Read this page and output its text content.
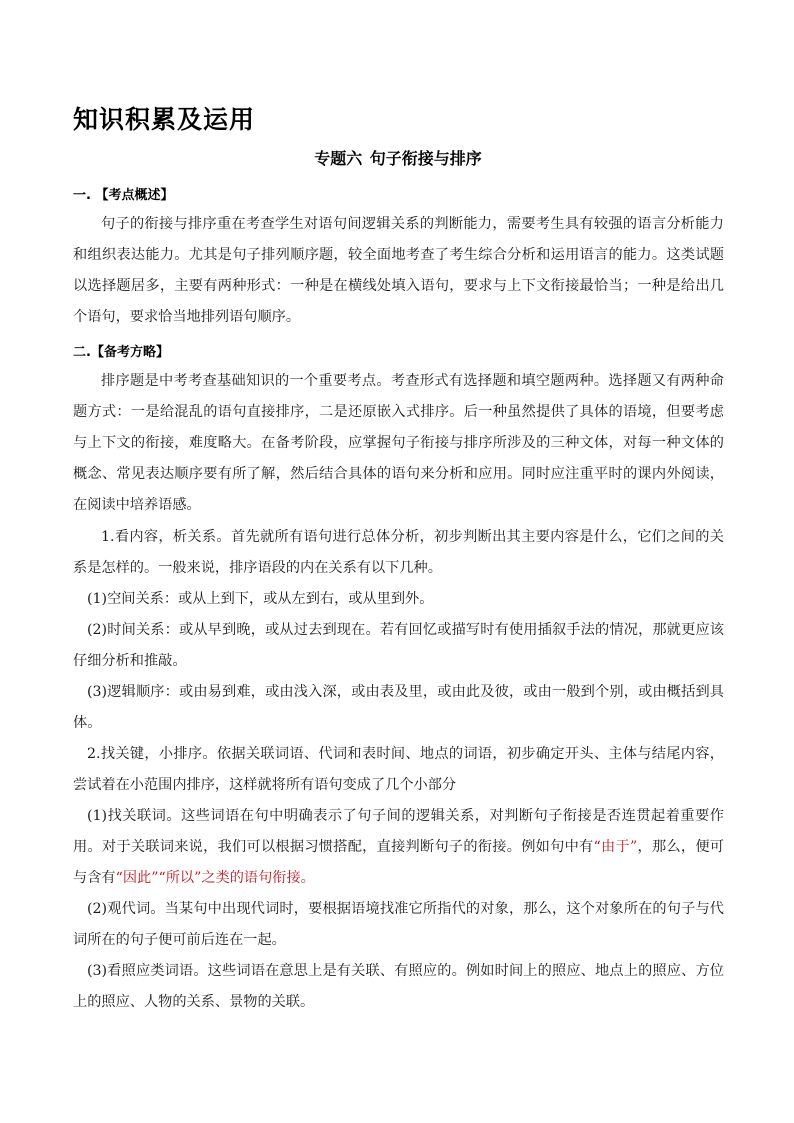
知识积累及运用
专题六 句子衔接与排序
一. 【考点概述】

句子的衔接与排序重在考查学生对语句间逻辑关系的判断能力，需要考生具有较强的语言分析能力和组织表达能力。尤其是句子排列顺序题，较全面地考查了考生综合分析和运用语言的能力。这类试题以选择题居多，主要有两种形式：一种是在横线处填入语句，要求与上下文衔接最恰当；一种是给出几个语句，要求恰当地排列语句顺序。

二.【备考方略】

排序题是中考考查基础知识的一个重要考点。考查形式有选择题和填空题两种。选择题又有两种命题方式：一是给混乱的语句直接排序，二是还原嵌入式排序。后一种虽然提供了具体的语境，但要考虑与上下文的衔接，难度略大。在备考阶段，应掌握句子衔接与排序所涉及的三种文体，对每一种文体的概念、常见表达顺序要有所了解，然后结合具体的语句来分析和应用。同时应注重平时的课内外阅读，在阅读中培养语感。

1.看内容，析关系。首先就所有语句进行总体分析，初步判断出其主要内容是什么，它们之间的关系是怎样的。一般来说，排序语段的内在关系有以下几种。

(1)空间关系：或从上到下，或从左到右，或从里到外。

(2)时间关系：或从早到晚，或从过去到现在。若有回忆或描写时有使用插叙手法的情况，那就更应该仔细分析和推敲。

(3)逻辑顺序：或由易到难，或由浅入深，或由表及里，或由此及彼，或由一般到个别，或由概括到具体。

2.找关键，小排序。依据关联词语、代词和表时间、地点的词语，初步确定开头、主体与结尾内容，尝试着在小范围内排序，这样就将所有语句变成了几个小部分

(1)找关联词。这些词语在句中明确表示了句子间的逻辑关系，对判断句子衔接是否连贯起着重要作用。对于关联词来说，我们可以根据习惯搭配，直接判断句子的衔接。例如句中有“由于”，那么，便可与含有“因此”“所以”之类的语句衔接。

(2)观代词。当某句中出现代词时，要根据语境找准它所指代的对象，那么，这个对象所在的句子与代词所在的句子便可前后连在一起。

(3)看照应类词语。这些词语在意思上是有关联、有照应的。例如时间上的照应、地点上的照应、方位上的照应、人物的关系、景物的关联。
